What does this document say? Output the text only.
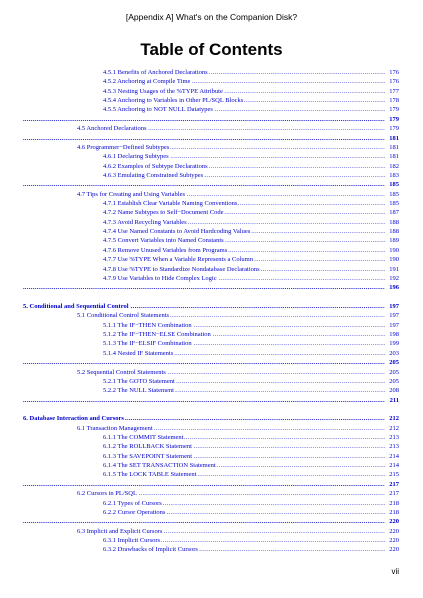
[Appendix A] What's on the Companion Disk?
Table of Contents
.....
4.5.1 Benefits of Anchored Declarations	176
.....
4.5.2 Anchoring at Compile Time	176
.....
4.5.3 Nesting Usages of the %TYPE Attribute	177
.....
4.5.4 Anchoring to Variables in Other PL/SQL Blocks	178
.....
4.5.5 Anchoring to NOT NULL Datatypes	179
.....
179
.....
4.5 Anchored Declarations	179
.....
181
.....
4.6 Programmer−Defined Subtypes	181
.....
4.6.1 Declaring Subtypes	181
.....
4.6.2 Examples of Subtype Declarations	182
.....
4.6.3 Emulating Constrained Subtypes	183
.....
185
.....
4.7 Tips for Creating and Using Variables	185
.....
4.7.1 Establish Clear Variable Naming Conventions	185
.....
4.7.2 Name Subtypes to Self−Document Code	187
.....
4.7.3 Avoid Recycling Variables	188
.....
4.7.4 Use Named Constants to Avoid Hardcoding Values	188
.....
4.7.5 Convert Variables into Named Constants	189
.....
4.7.6 Remove Unused Variables from Programs	190
.....
4.7.7 Use %TYPE When a Variable Represents a Column	190
.....
4.7.8 Use %TYPE to Standardize Nondatabase Declarations	191
.....
4.7.9 Use Variables to Hide Complex Logic	192
.....
196
.....
5. Conditional and Sequential Control	197
.....
5.1 Conditional Control Statements	197
.....
5.1.1 The IF−THEN Combination	197
.....
5.1.2 The IF−THEN−ELSE Combination	198
.....
5.1.3 The IF−ELSIF Combination	199
.....
5.1.4 Nested IF Statements	203
.....
205
.....
5.2 Sequential Control Statements	205
.....
5.2.1 The GOTO Statement	205
.....
5.2.2 The NULL Statement	208
.....
211
.....
6. Database Interaction and Cursors	212
.....
6.1 Transaction Management	212
.....
6.1.1 The COMMIT Statement	213
.....
6.1.2 The ROLLBACK Statement	213
.....
6.1.3 The SAVEPOINT Statement	214
.....
6.1.4 The SET TRANSACTION Statement	214
.....
6.1.5 The LOCK TABLE Statement	215
.....
217
.....
6.2 Cursors in PL/SQL	217
.....
6.2.1 Types of Cursors	218
.....
6.2.2 Cursor Operations	218
.....
220
.....
6.3 Implicit and Explicit Cursors	220
.....
6.3.1 Implicit Cursors	220
.....
6.3.2 Drawbacks of Implicit Cursors	220
vii
